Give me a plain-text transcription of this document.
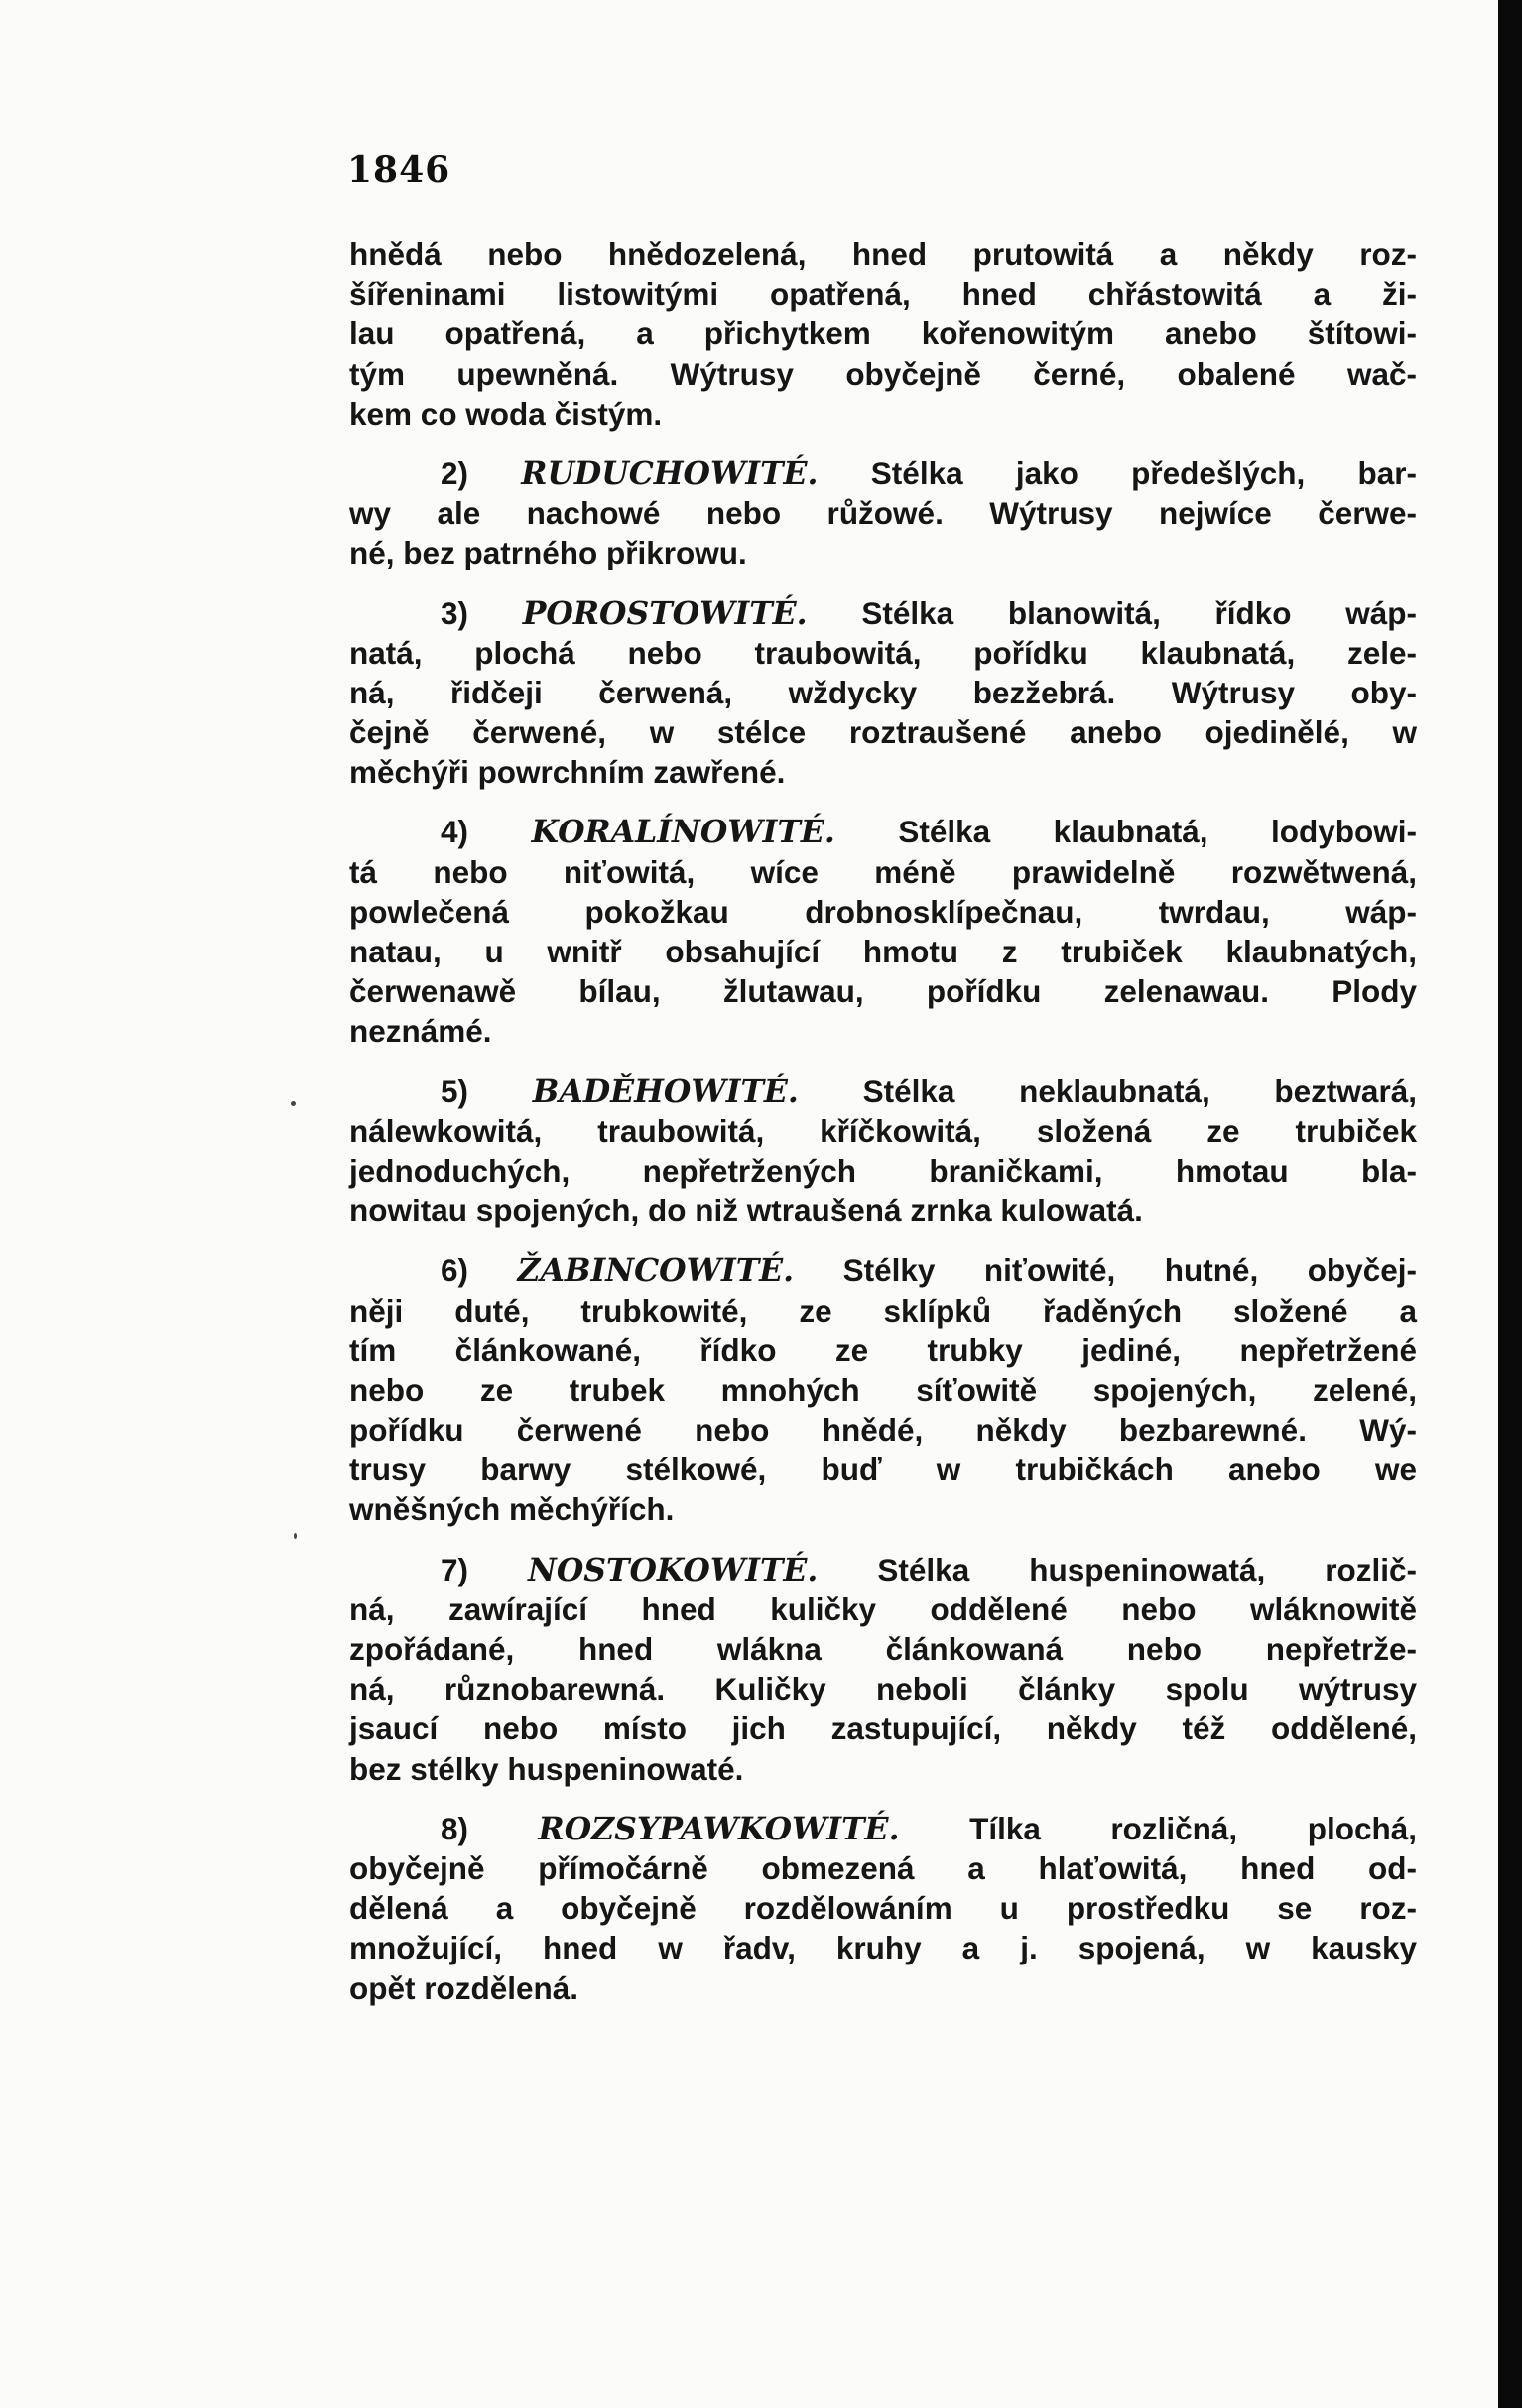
1846
hnědá nebo hnědozelená, hned prutowitá a někdy roz-
šířeninami listowitými opatřená, hned chřástowitá a ži-
lau opatřená, a přichytkem kořenowitým anebo štítowi-
tým upewněná. Wýtrusy obyčejně černé, obalené wač-
kem co woda čistým.
2) RUDUCHOWITÉ. Stélka jako předešlých, bar-
wy ale nachowé nebo růžowé. Wýtrusy nejwíce čerwe-
né, bez patrného přikrowu.
3) POROSTOWITÉ. Stélka blanowitá, řídko wáp-
natá, plochá nebo traubowitá, pořídku klaubnatá, zele-
ná, řidčeji čerwená, wždycky bezžebrá. Wýtrusy oby-
čejně čerwené, w stélce roztraušené anebo ojedinělé, w
měchýři powrchním zawřené.
4) KORALÍNOWITÉ. Stélka klaubnatá, lodybowi-
tá nebo niťowitá, wíce méně prawidelně rozwětwená,
powlečená pokožkau drobnosklípečnau, twrdau, wáp-
natau, u wnitř obsahující hmotu z trubiček klaubnatých,
čerwenawě bílau, žlutawau, pořídku zelenawau. Plody
neznámé.
5) BADĚHOWITÉ. Stélka neklaubnatá, beztwará,
nálewkowitá, traubowitá, kříčkowitá, složená ze trubiček
jednoduchých, nepřetržených braničkami, hmotau bla-
nowitau spojených, do niž wtraušená zrnka kulowatá.
6) ŽABINCOWITÉ. Stélky niťowité, hutné, obyčej-
něji duté, trubkowité, ze sklípků řaděných složené a
tím článkowané, řídko ze trubky jediné, nepřetržené
nebo ze trubek mnohých síťowitě spojených, zelené,
pořídku čerwené nebo hnědé, někdy bezbarewné. Wý-
trusy barwy stélkowé, buď w trubičkách anebo we
wněšných měchýřích.
7) NOSTOKOWITÉ. Stélka huspeninowatá, rozlič-
ná, zawírající hned kuličky oddělené nebo wláknowitě
zpořádané, hned wlákna článkowaná nebo nepřetrže-
ná, různobarewná. Kuličky neboli články spolu wýtrusy
jsaucí nebo místo jich zastupující, někdy též oddělené,
bez stélky huspeninowaté.
8) ROZSYPAWKOWITÉ. Tílka rozličná, plochá,
obyčejně přímočárně obmezená a hlaťowitá, hned od-
dělená a obyčejně rozdělowáním u prostředku se roz-
množující, hned w řadv, kruhy a j. spojená, w kausky
opět rozdělená.
